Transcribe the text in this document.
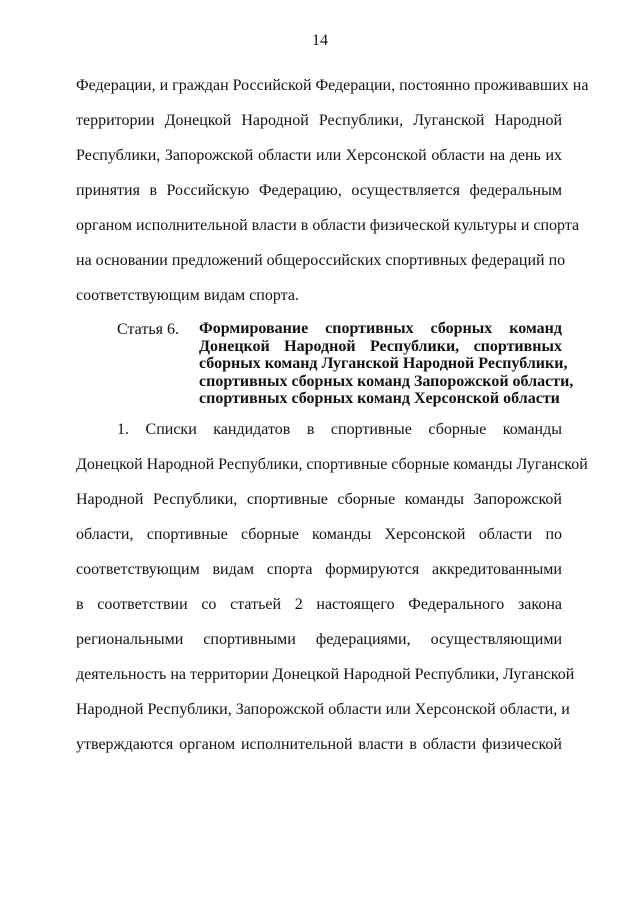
14
Федерации, и граждан Российской Федерации, постоянно проживавших на
территории Донецкой Народной Республики, Луганской Народной
Республики, Запорожской области или Херсонской области на день их
принятия в Российскую Федерацию, осуществляется федеральным
органом исполнительной власти в области физической культуры и спорта
на основании предложений общероссийских спортивных федераций по
соответствующим видам спорта.
Статья 6. Формирование спортивных сборных команд
Донецкой Народной Республики, спортивных
сборных команд Луганской Народной Республики,
спортивных сборных команд Запорожской области,
спортивных сборных команд Херсонской области
1. Списки кандидатов в спортивные сборные команды
Донецкой Народной Республики, спортивные сборные команды Луганской
Народной Республики, спортивные сборные команды Запорожской
области, спортивные сборные команды Херсонской области по
соответствующим видам спорта формируются аккредитованными
в соответствии со статьей 2 настоящего Федерального закона
региональными спортивными федерациями, осуществляющими
деятельность на территории Донецкой Народной Республики, Луганской
Народной Республики, Запорожской области или Херсонской области, и
утверждаются органом исполнительной власти в области физической
